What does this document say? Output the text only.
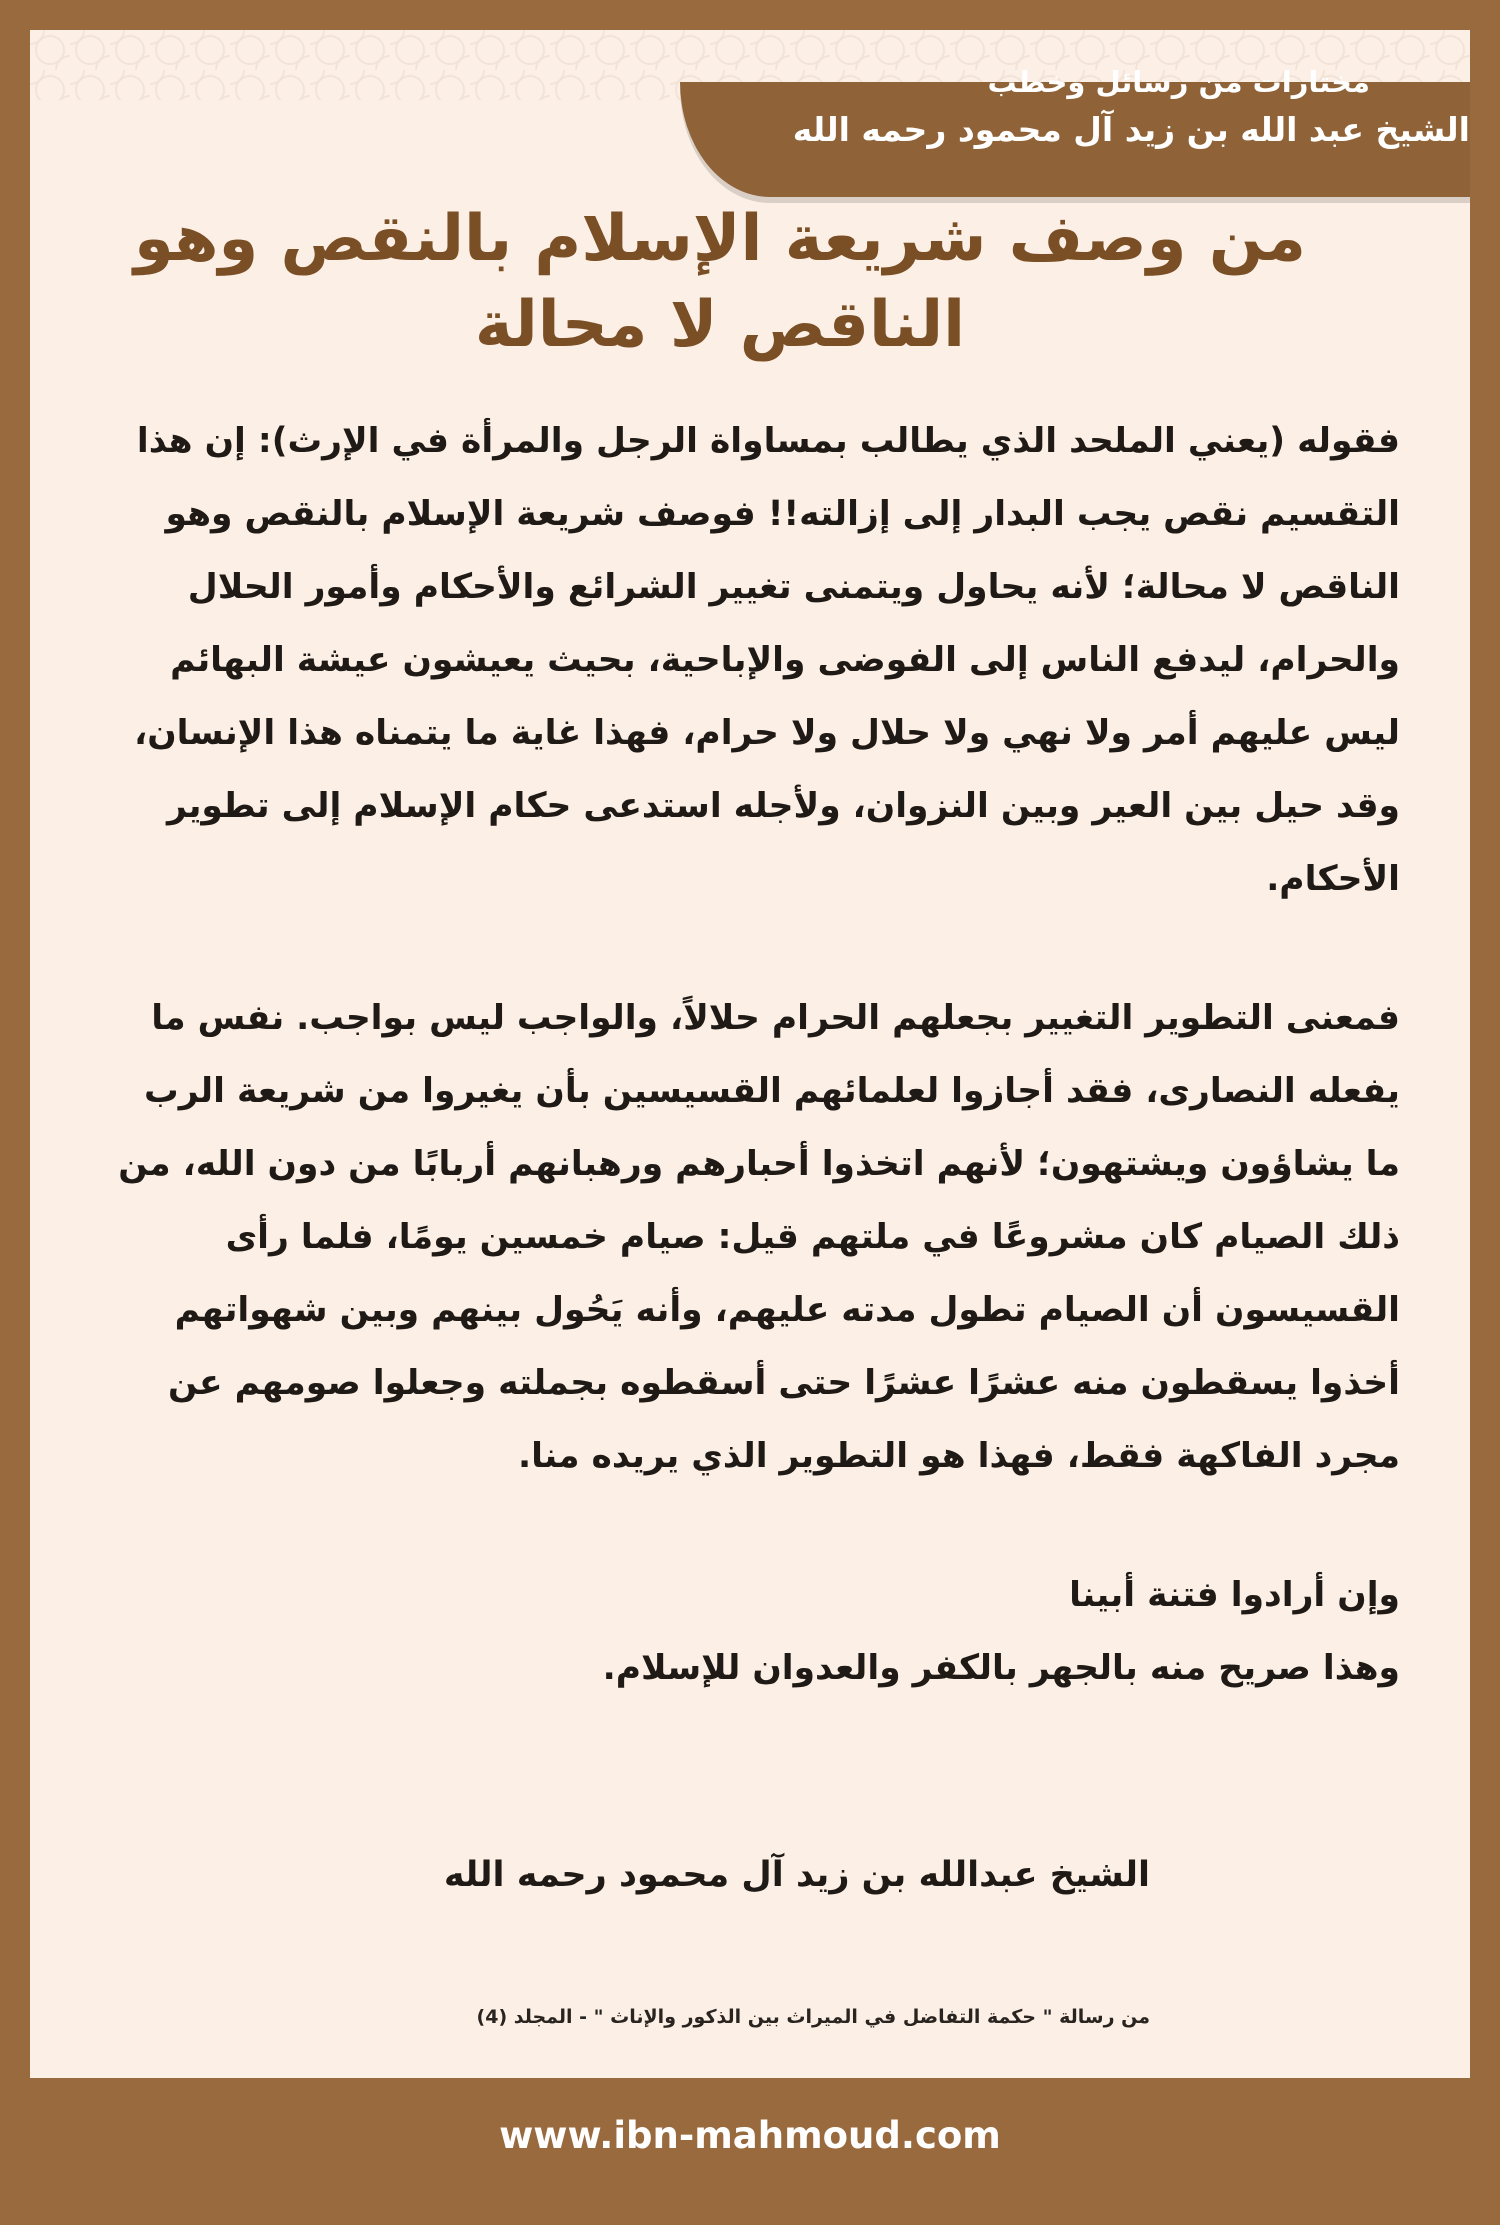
مختارات من رسائل وخطب
الشيخ عبد الله بن زيد آل محمود رحمه الله
من وصف شريعة الإسلام بالنقص وهو الناقص لا محالة

فقوله (يعني الملحد الذي يطالب بمساواة الرجل والمرأة في الإرث): إن هذا التقسيم نقص يجب البدار إلى إزالته!! فوصف شريعة الإسلام بالنقص وهو الناقص لا محالة؛ لأنه يحاول ويتمنى تغيير الشرائع والأحكام وأمور الحلال والحرام، ليدفع الناس إلى الفوضى والإباحية، بحيث يعيشون عيشة البهائم ليس عليهم أمر ولا نهي ولا حلال ولا حرام، فهذا غاية ما يتمناه هذا الإنسان، وقد حيل بين العير وبين النزوان، ولأجله استدعى حكام الإسلام إلى تطوير الأحكام.

فمعنى التطوير التغيير بجعلهم الحرام حلالاً، والواجب ليس بواجب. نفس ما يفعله النصارى، فقد أجازوا لعلمائهم القسيسين بأن يغيروا من شريعة الرب ما يشاؤون ويشتهون؛ لأنهم اتخذوا أحبارهم ورهبانهم أربابًا من دون الله، من ذلك الصيام كان مشروعًا في ملتهم قيل: صيام خمسين يومًا، فلما رأى القسيسون أن الصيام تطول مدته عليهم، وأنه يَحُول بينهم وبين شهواتهم أخذوا يسقطون منه عشرًا عشرًا حتى أسقطوه بجملته وجعلوا صومهم عن مجرد الفاكهة فقط، فهذا هو التطوير الذي يريده منا.

وإن أرادوا فتنة أبينا

وهذا صريح منه بالجهر بالكفر والعدوان للإسلام.

الشيخ عبدالله بن زيد آل محمود رحمه الله
من رسالة " حكمة التفاضل في الميراث بين الذكور والإناث " - المجلد (4)
www.ibn-mahmoud.com
